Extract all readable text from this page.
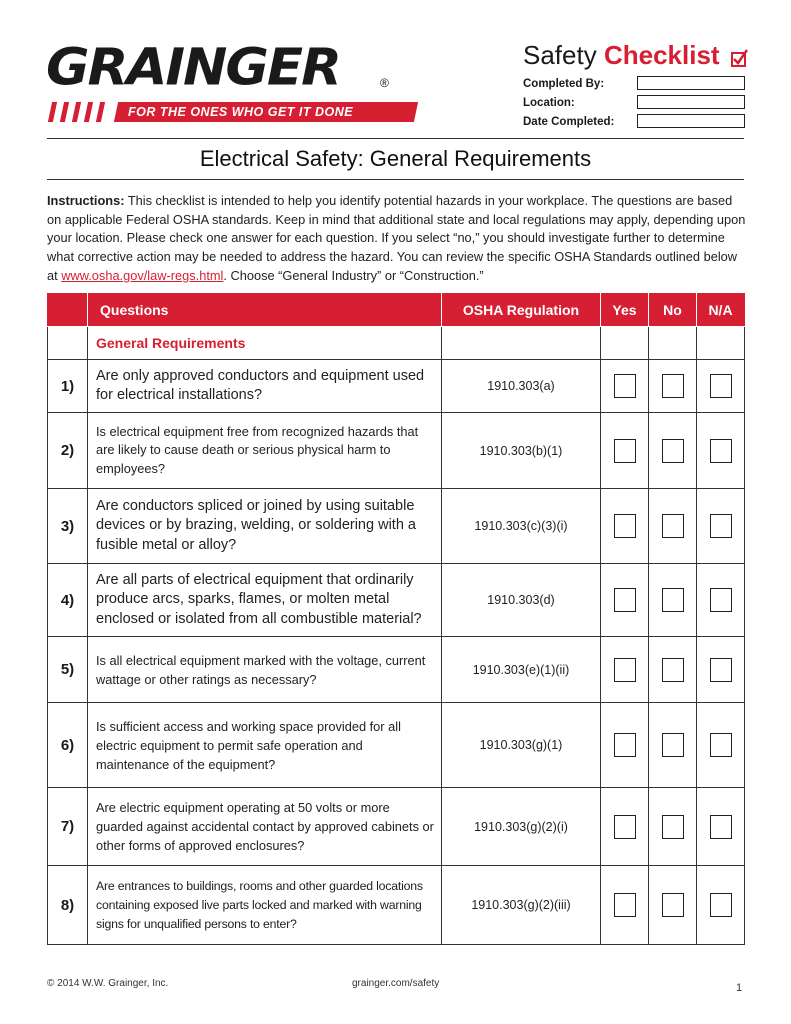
GRAINGER	®
FOR THE ONES WHO GET IT DONE
Safety Checklist
Completed By:
Location:
Date Completed:
Electrical Safety: General Requirements
Instructions: This checklist is intended to help you identify potential hazards in your workplace. The questions are based on applicable Federal OSHA standards. Keep in mind that additional state and local regulations may apply, depending upon your location. Please check one answer for each question. If you select “no,” you should investigate further to determine what corrective action may be needed to address the hazard. You can review the specific OSHA Standards outlined below at www.osha.gov/law-regs.html. Choose “General Industry” or “Construction.”
	Questions	OSHA Regulation	Yes	No	N/A
	General Requirements				
1)	Are only approved conductors and equipment used for electrical installations?	1910.303(a)			
2)	Is electrical equipment free from recognized hazards that are likely to cause death or serious physical harm to employees?	1910.303(b)(1)			
3)	Are conductors spliced or joined by using suitable devices or by brazing, welding, or soldering with a fusible metal or alloy?	1910.303(c)(3)(i)			
4)	Are all parts of electrical equipment that ordinarily produce arcs, sparks, flames, or molten metal enclosed or isolated from all combustible material?	1910.303(d)			
5)	Is all electrical equipment marked with the voltage, current wattage or other ratings as necessary?	1910.303(e)(1)(ii)			
6)	Is sufficient access and working space provided for all electric equipment to permit safe operation and maintenance of the equipment?	1910.303(g)(1)			
7)	Are electric equipment operating at 50 volts or more guarded against accidental contact by approved cabinets or other forms of approved enclosures?	1910.303(g)(2)(i)			
8)	Are entrances to buildings, rooms and other guarded locations containing exposed live parts locked and marked with warning signs for unqualified persons to enter?	1910.303(g)(2)(iii)			
© 2014 W.W. Grainger, Inc.	grainger.com/safety	1
